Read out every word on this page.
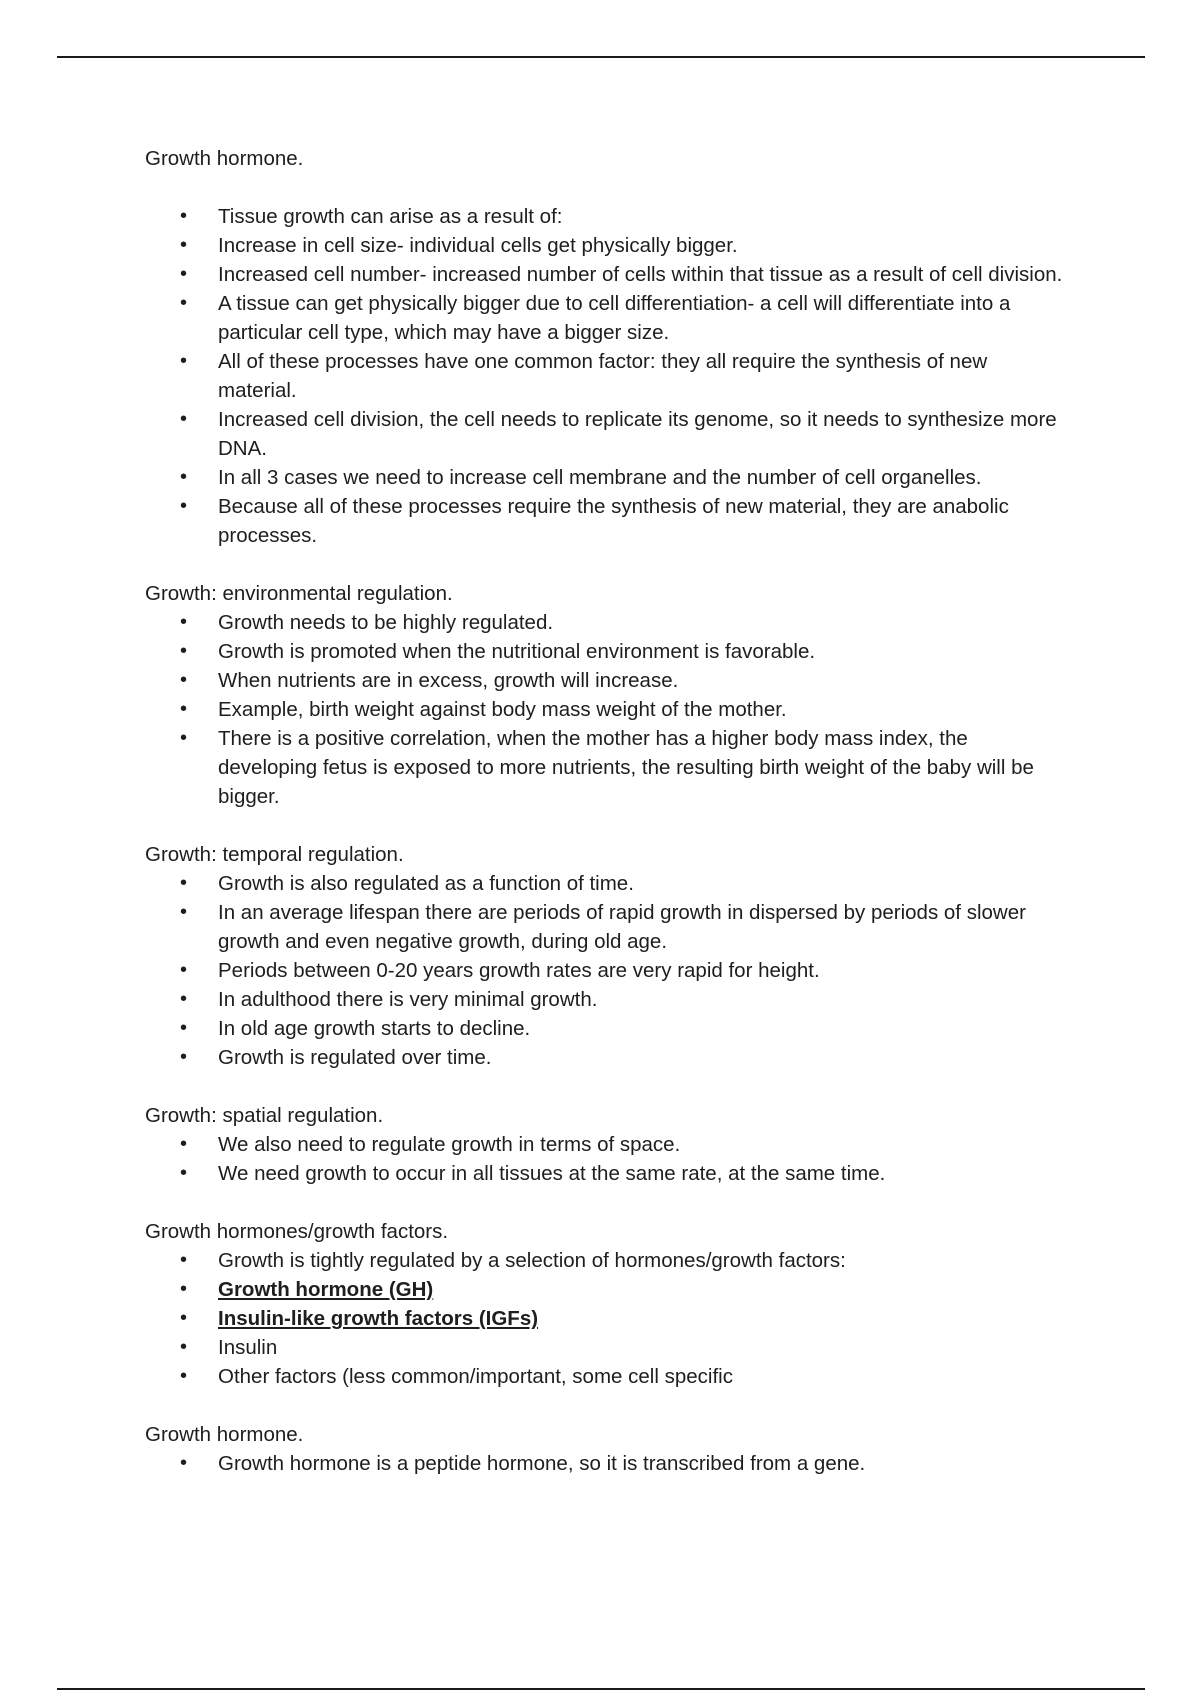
Growth hormone.

• Tissue growth can arise as a result of:
• Increase in cell size- individual cells get physically bigger.
• Increased cell number- increased number of cells within that tissue as a result of cell division.
• A tissue can get physically bigger due to cell differentiation- a cell will differentiate into a particular cell type, which may have a bigger size.
• All of these processes have one common factor: they all require the synthesis of new material.
• Increased cell division, the cell needs to replicate its genome, so it needs to synthesize more DNA.
• In all 3 cases we need to increase cell membrane and the number of cell organelles.
• Because all of these processes require the synthesis of new material, they are anabolic processes.

Growth: environmental regulation.

• Growth needs to be highly regulated.
• Growth is promoted when the nutritional environment is favorable.
• When nutrients are in excess, growth will increase.
• Example, birth weight against body mass weight of the mother.
• There is a positive correlation, when the mother has a higher body mass index, the developing fetus is exposed to more nutrients, the resulting birth weight of the baby will be bigger.

Growth: temporal regulation.

• Growth is also regulated as a function of time.
• In an average lifespan there are periods of rapid growth in dispersed by periods of slower growth and even negative growth, during old age.
• Periods between 0-20 years growth rates are very rapid for height.
• In adulthood there is very minimal growth.
• In old age growth starts to decline.
• Growth is regulated over time.

Growth: spatial regulation.

• We also need to regulate growth in terms of space.
• We need growth to occur in all tissues at the same rate, at the same time.

Growth hormones/growth factors.

• Growth is tightly regulated by a selection of hormones/growth factors:
• Growth hormone (GH)
• Insulin-like growth factors (IGFs)
• Insulin
• Other factors (less common/important, some cell specific

Growth hormone.

• Growth hormone is a peptide hormone, so it is transcribed from a gene.
